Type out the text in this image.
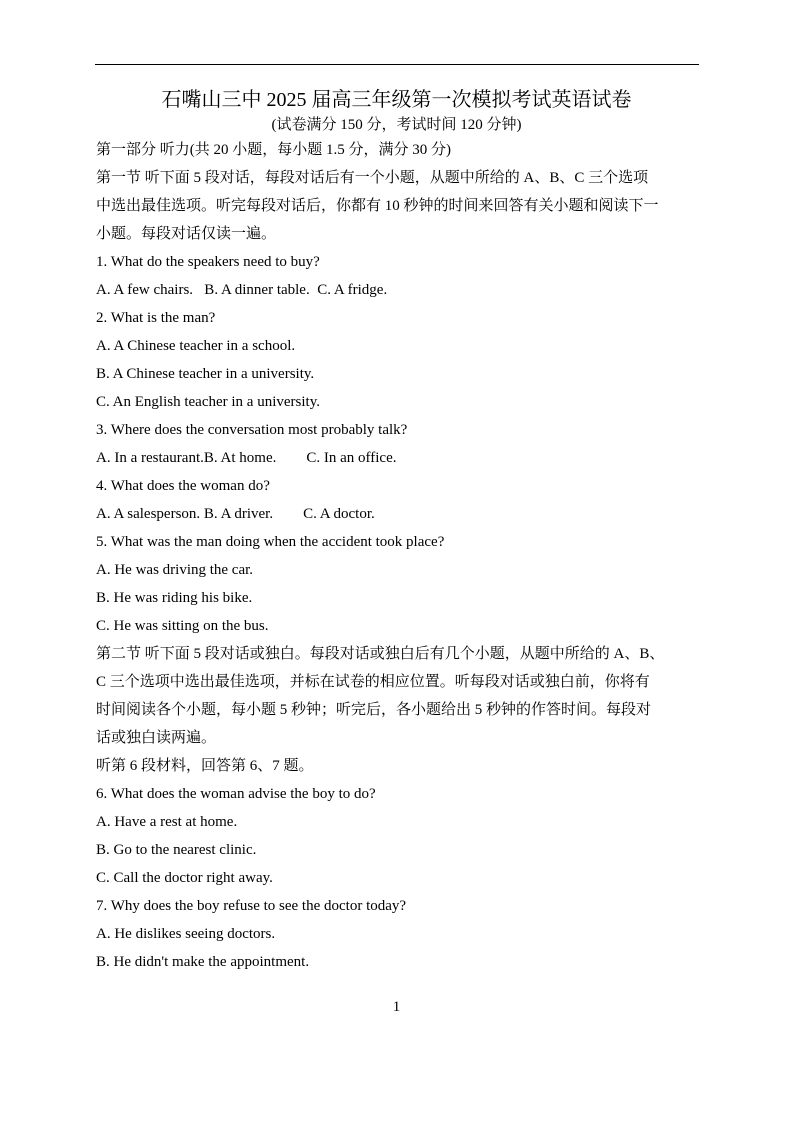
石嘴山三中 2025 届高三年级第一次模拟考试英语试卷
(试卷满分 150 分，考试时间 120 分钟)

第一部分 听力(共 20 小题，每小题 1.5 分，满分 30 分)

第一节 听下面 5 段对话，每段对话后有一个小题，从题中所给的 A、B、C 三个选项

中选出最佳选项。听完每段对话后，你都有 10 秒钟的时间来回答有关小题和阅读下一

小题。每段对话仅读一遍。

1. What do the speakers need to buy?

A. A few chairs.   B. A dinner table.  C. A fridge.

2. What is the man?

A. A Chinese teacher in a school.

B. A Chinese teacher in a university.

C. An English teacher in a university.

3. Where does the conversation most probably talk?

A. In a restaurant.B. At home.        C. In an office.

4. What does the woman do?

A. A salesperson. B. A driver.        C. A doctor.

5. What was the man doing when the accident took place?

A. He was driving the car.

B. He was riding his bike.

C. He was sitting on the bus.

第二节 听下面 5 段对话或独白。每段对话或独白后有几个小题，从题中所给的 A、B、

C 三个选项中选出最佳选项，并标在试卷的相应位置。听每段对话或独白前，你将有

时间阅读各个小题，每小题 5 秒钟；听完后，各小题给出 5 秒钟的作答时间。每段对

话或独白读两遍。

听第 6 段材料，回答第 6、7 题。

6. What does the woman advise the boy to do?

A. Have a rest at home.

B. Go to the nearest clinic.

C. Call the doctor right away.

7. Why does the boy refuse to see the doctor today?

A. He dislikes seeing doctors.

B. He didn't make the appointment.

1
